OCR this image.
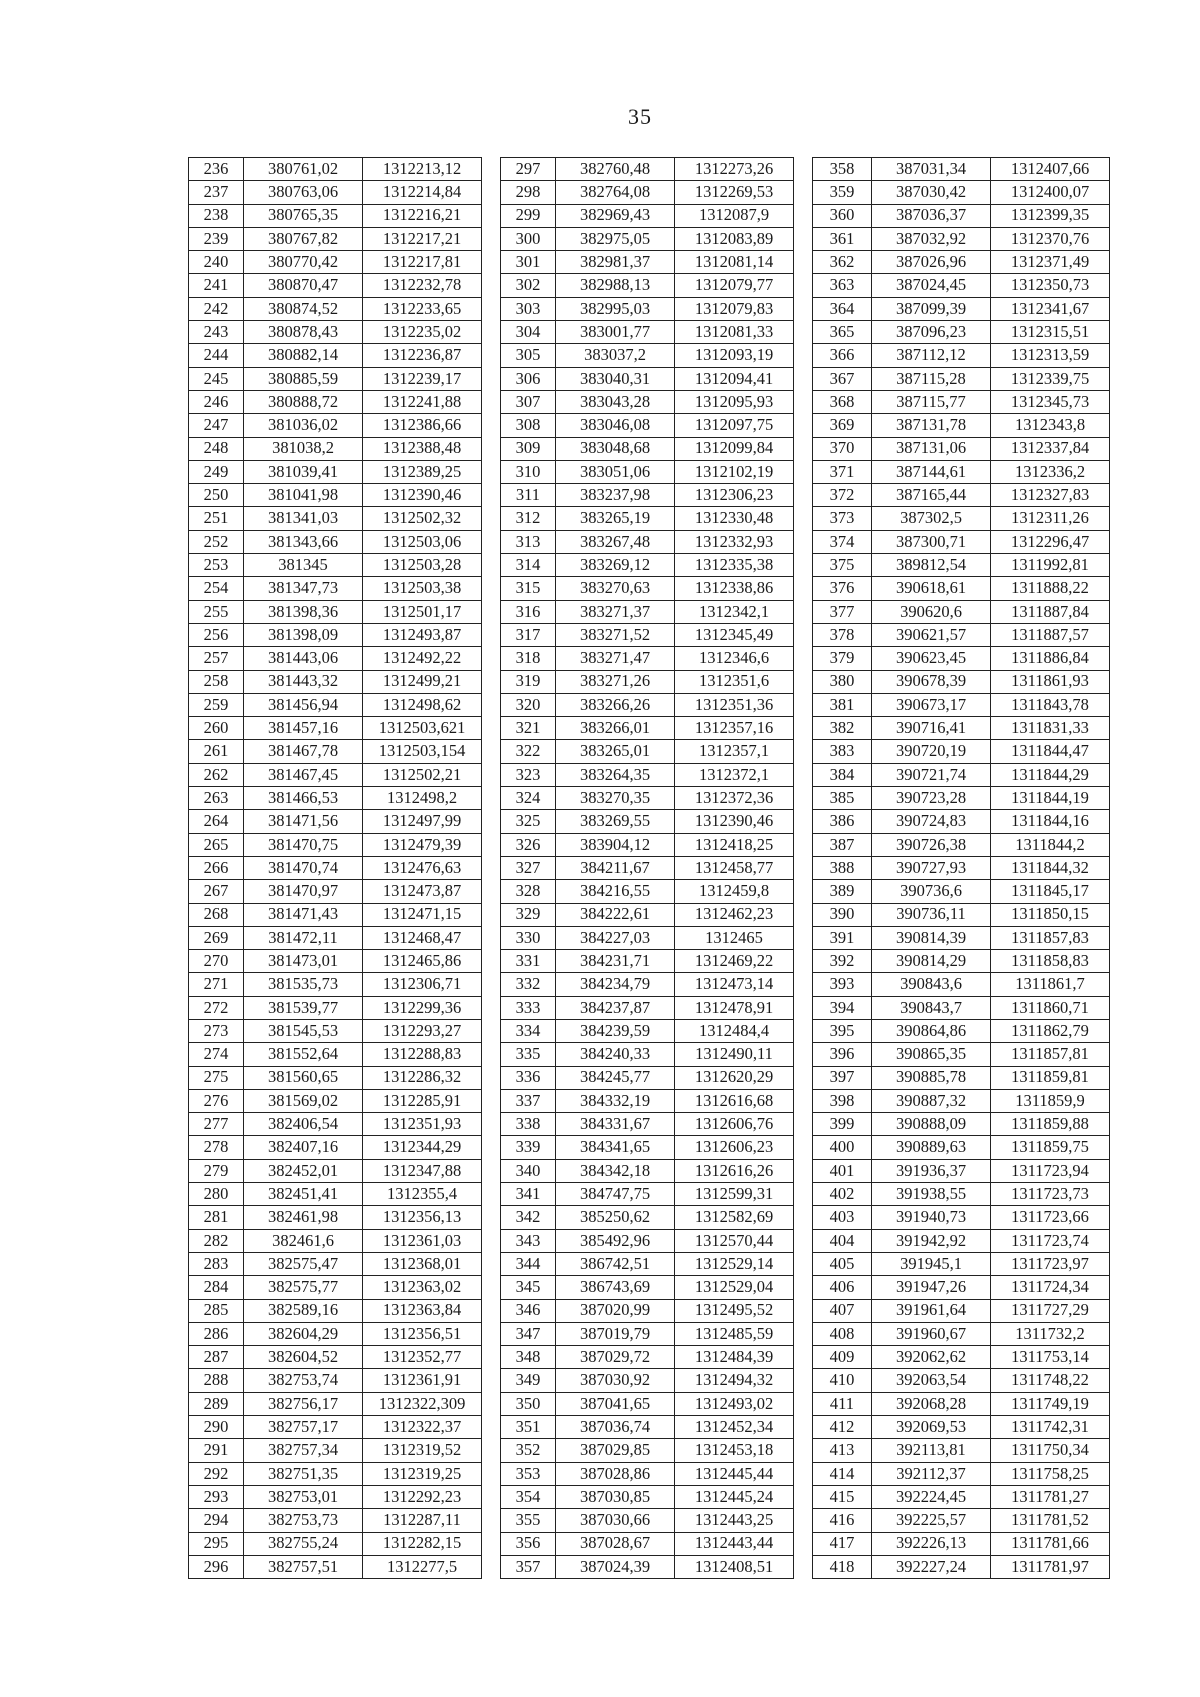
35
236	380761,02	1312213,12
237	380763,06	1312214,84
238	380765,35	1312216,21
239	380767,82	1312217,21
240	380770,42	1312217,81
241	380870,47	1312232,78
242	380874,52	1312233,65
243	380878,43	1312235,02
244	380882,14	1312236,87
245	380885,59	1312239,17
246	380888,72	1312241,88
247	381036,02	1312386,66
248	381038,2	1312388,48
249	381039,41	1312389,25
250	381041,98	1312390,46
251	381341,03	1312502,32
252	381343,66	1312503,06
253	381345	1312503,28
254	381347,73	1312503,38
255	381398,36	1312501,17
256	381398,09	1312493,87
257	381443,06	1312492,22
258	381443,32	1312499,21
259	381456,94	1312498,62
260	381457,16	1312503,621
261	381467,78	1312503,154
262	381467,45	1312502,21
263	381466,53	1312498,2
264	381471,56	1312497,99
265	381470,75	1312479,39
266	381470,74	1312476,63
267	381470,97	1312473,87
268	381471,43	1312471,15
269	381472,11	1312468,47
270	381473,01	1312465,86
271	381535,73	1312306,71
272	381539,77	1312299,36
273	381545,53	1312293,27
274	381552,64	1312288,83
275	381560,65	1312286,32
276	381569,02	1312285,91
277	382406,54	1312351,93
278	382407,16	1312344,29
279	382452,01	1312347,88
280	382451,41	1312355,4
281	382461,98	1312356,13
282	382461,6	1312361,03
283	382575,47	1312368,01
284	382575,77	1312363,02
285	382589,16	1312363,84
286	382604,29	1312356,51
287	382604,52	1312352,77
288	382753,74	1312361,91
289	382756,17	1312322,309
290	382757,17	1312322,37
291	382757,34	1312319,52
292	382751,35	1312319,25
293	382753,01	1312292,23
294	382753,73	1312287,11
295	382755,24	1312282,15
296	382757,51	1312277,5
297	382760,48	1312273,26
298	382764,08	1312269,53
299	382969,43	1312087,9
300	382975,05	1312083,89
301	382981,37	1312081,14
302	382988,13	1312079,77
303	382995,03	1312079,83
304	383001,77	1312081,33
305	383037,2	1312093,19
306	383040,31	1312094,41
307	383043,28	1312095,93
308	383046,08	1312097,75
309	383048,68	1312099,84
310	383051,06	1312102,19
311	383237,98	1312306,23
312	383265,19	1312330,48
313	383267,48	1312332,93
314	383269,12	1312335,38
315	383270,63	1312338,86
316	383271,37	1312342,1
317	383271,52	1312345,49
318	383271,47	1312346,6
319	383271,26	1312351,6
320	383266,26	1312351,36
321	383266,01	1312357,16
322	383265,01	1312357,1
323	383264,35	1312372,1
324	383270,35	1312372,36
325	383269,55	1312390,46
326	383904,12	1312418,25
327	384211,67	1312458,77
328	384216,55	1312459,8
329	384222,61	1312462,23
330	384227,03	1312465
331	384231,71	1312469,22
332	384234,79	1312473,14
333	384237,87	1312478,91
334	384239,59	1312484,4
335	384240,33	1312490,11
336	384245,77	1312620,29
337	384332,19	1312616,68
338	384331,67	1312606,76
339	384341,65	1312606,23
340	384342,18	1312616,26
341	384747,75	1312599,31
342	385250,62	1312582,69
343	385492,96	1312570,44
344	386742,51	1312529,14
345	386743,69	1312529,04
346	387020,99	1312495,52
347	387019,79	1312485,59
348	387029,72	1312484,39
349	387030,92	1312494,32
350	387041,65	1312493,02
351	387036,74	1312452,34
352	387029,85	1312453,18
353	387028,86	1312445,44
354	387030,85	1312445,24
355	387030,66	1312443,25
356	387028,67	1312443,44
357	387024,39	1312408,51
358	387031,34	1312407,66
359	387030,42	1312400,07
360	387036,37	1312399,35
361	387032,92	1312370,76
362	387026,96	1312371,49
363	387024,45	1312350,73
364	387099,39	1312341,67
365	387096,23	1312315,51
366	387112,12	1312313,59
367	387115,28	1312339,75
368	387115,77	1312345,73
369	387131,78	1312343,8
370	387131,06	1312337,84
371	387144,61	1312336,2
372	387165,44	1312327,83
373	387302,5	1312311,26
374	387300,71	1312296,47
375	389812,54	1311992,81
376	390618,61	1311888,22
377	390620,6	1311887,84
378	390621,57	1311887,57
379	390623,45	1311886,84
380	390678,39	1311861,93
381	390673,17	1311843,78
382	390716,41	1311831,33
383	390720,19	1311844,47
384	390721,74	1311844,29
385	390723,28	1311844,19
386	390724,83	1311844,16
387	390726,38	1311844,2
388	390727,93	1311844,32
389	390736,6	1311845,17
390	390736,11	1311850,15
391	390814,39	1311857,83
392	390814,29	1311858,83
393	390843,6	1311861,7
394	390843,7	1311860,71
395	390864,86	1311862,79
396	390865,35	1311857,81
397	390885,78	1311859,81
398	390887,32	1311859,9
399	390888,09	1311859,88
400	390889,63	1311859,75
401	391936,37	1311723,94
402	391938,55	1311723,73
403	391940,73	1311723,66
404	391942,92	1311723,74
405	391945,1	1311723,97
406	391947,26	1311724,34
407	391961,64	1311727,29
408	391960,67	1311732,2
409	392062,62	1311753,14
410	392063,54	1311748,22
411	392068,28	1311749,19
412	392069,53	1311742,31
413	392113,81	1311750,34
414	392112,37	1311758,25
415	392224,45	1311781,27
416	392225,57	1311781,52
417	392226,13	1311781,66
418	392227,24	1311781,97
